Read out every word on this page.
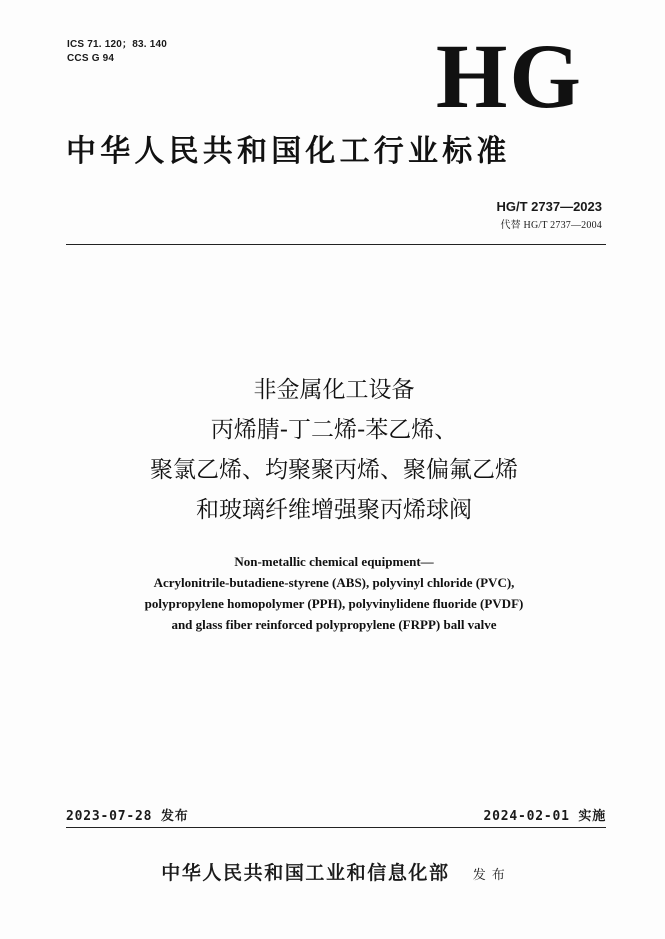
ICS 71. 120；83. 140
CCS G 94	HG
中华人民共和国化工行业标准
HG/T 2737—2023
代替 HG/T 2737—2004
非金属化工设备
丙烯腈-丁二烯-苯乙烯、
聚氯乙烯、均聚聚丙烯、聚偏氟乙烯
和玻璃纤维增强聚丙烯球阀
Non-metallic chemical equipment—
Acrylonitrile-butadiene-styrene (ABS), polyvinyl chloride (PVC),
polypropylene homopolymer (PPH), polyvinylidene fluoride (PVDF)
and glass fiber reinforced polypropylene (FRPP) ball valve
2023-07-28 发布	2024-02-01 实施
中华人民共和国工业和信息化部 发布
